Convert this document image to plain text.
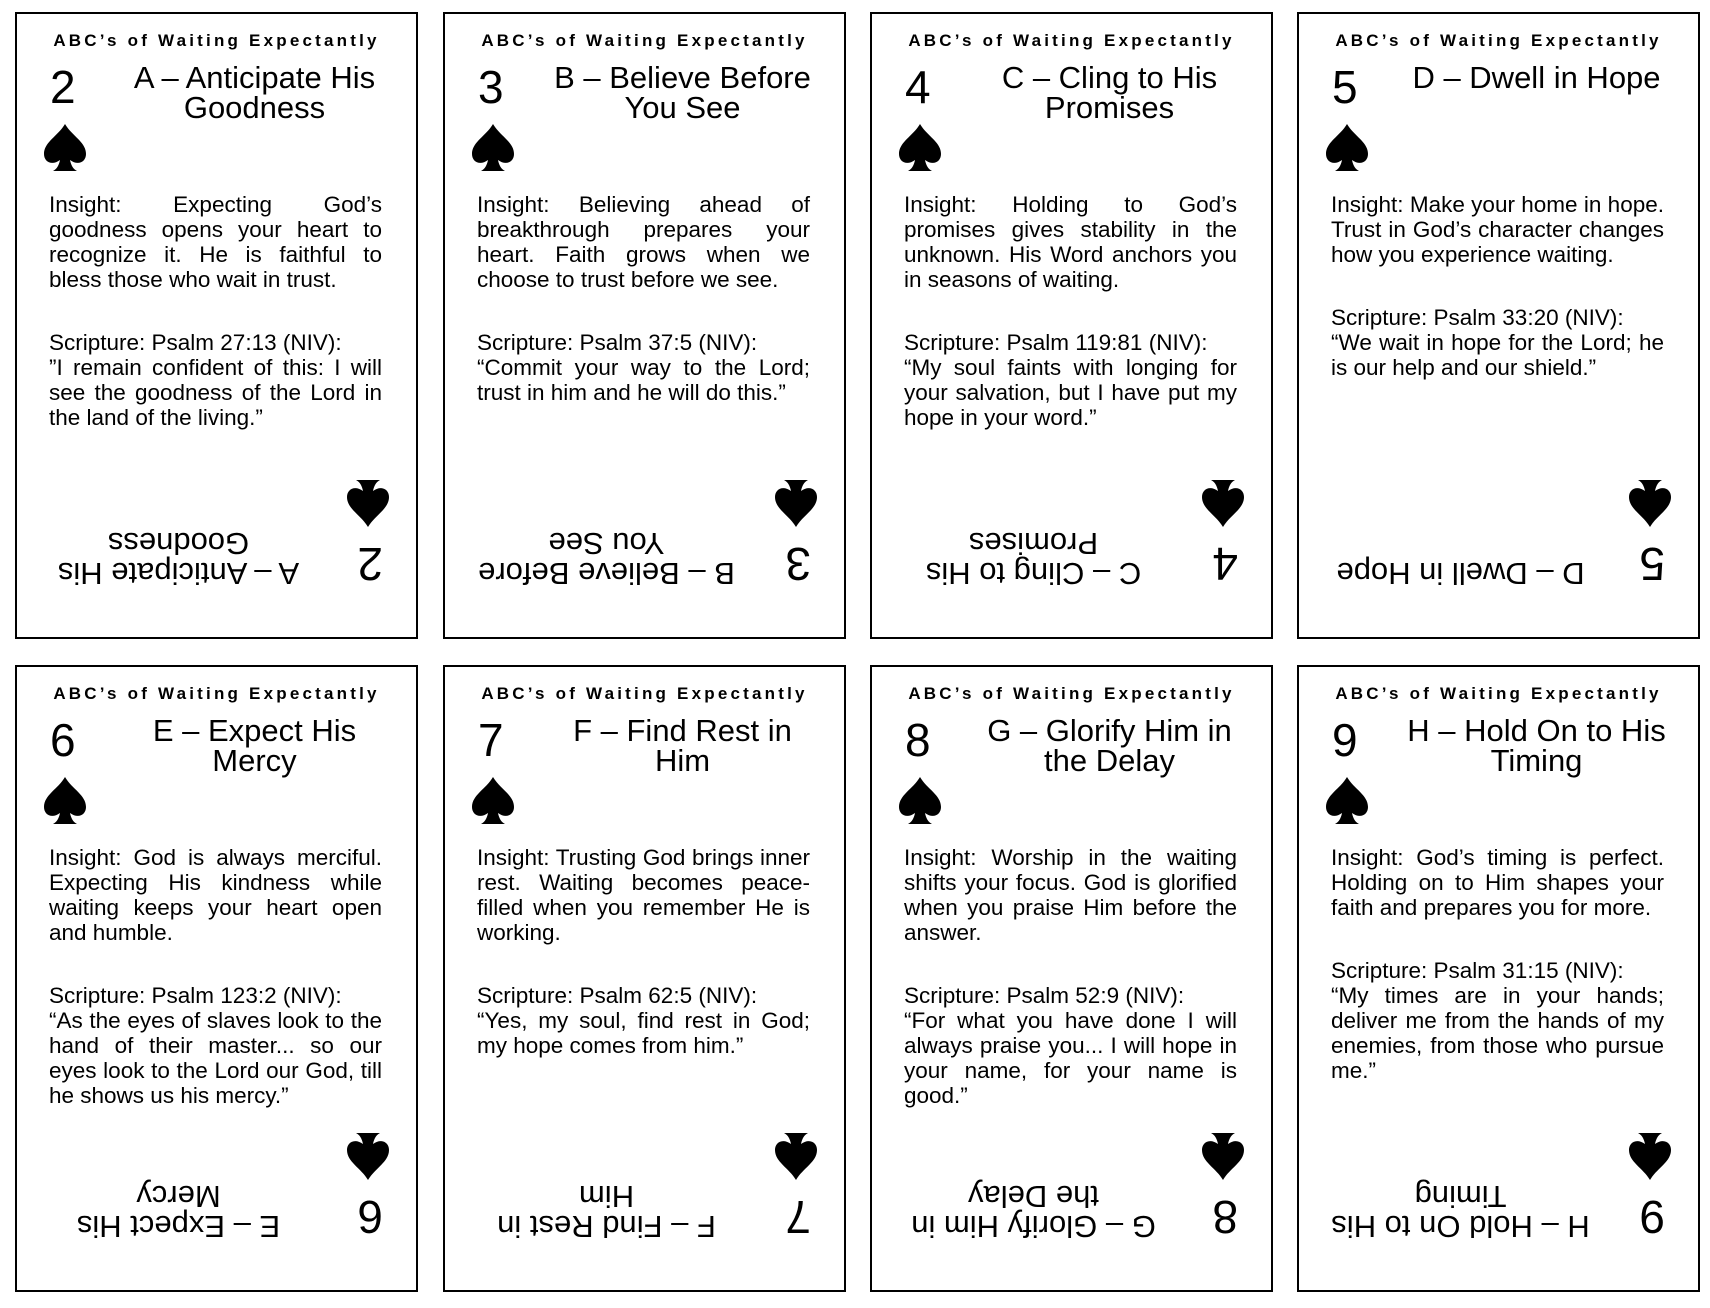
ABC’s of Waiting Expectantly
2	A – Anticipate His Goodness

Insight: Expecting God’s goodness opens your heart to recognize it. He is faithful to bless those who wait in trust.

Scripture: Psalm 27:13 (NIV):
”I remain confident of this: I will see the goodness of the Lord in the land of the living.”

2
A – Anticipate His Goodness
ABC’s of Waiting Expectantly
3 B – Believe Before You See

Insight: Believing ahead of breakthrough prepares your heart. Faith grows when we choose to trust before we see.

Scripture: Psalm 37:5 (NIV):
“Commit your way to the Lord; trust in him and he will do this.”

3
B – Believe Before You See
ABC’s of Waiting Expectantly
4	C – Cling to His Promises

Insight: Holding to God’s promises gives stability in the unknown. His Word anchors you in seasons of waiting.

Scripture: Psalm 119:81 (NIV):
“My soul faints with longing for your salvation, but I have put my hope in your word.”

4
C – Cling to His Promises
ABC’s of Waiting Expectantly
5	D – Dwell in Hope

Insight: Make your home in hope. Trust in God’s character changes how you experience waiting.

Scripture: Psalm 33:20 (NIV):
“We wait in hope for the Lord; he is our help and our shield.”

5
D – Dwell in Hope
ABC’s of Waiting Expectantly
6	E – Expect His Mercy

Insight: God is always merciful. Expecting His kindness while waiting keeps your heart open and humble.

Scripture: Psalm 123:2 (NIV):
“As the eyes of slaves look to the hand of their master... so our eyes look to the Lord our God, till he shows us his mercy.”

6
E – Expect His Mercy
ABC’s of Waiting Expectantly
7	F – Find Rest in Him

Insight: Trusting God brings inner rest. Waiting becomes peace-filled when you remember He is working.

Scripture: Psalm 62:5 (NIV):
“Yes, my soul, find rest in God; my hope comes from him.”

7
F – Find Rest in Him
ABC’s of Waiting Expectantly
8	G – Glorify Him in the Delay

Insight: Worship in the waiting shifts your focus. God is glorified when you praise Him before the answer.

Scripture: Psalm 52:9 (NIV):
“For what you have done I will always praise you... I will hope in your name, for your name is good.”

8
G – Glorify Him in the Delay
ABC’s of Waiting Expectantly
9 H – Hold On to His Timing

Insight: God’s timing is perfect. Holding on to Him shapes your faith and prepares you for more.

Scripture: Psalm 31:15 (NIV):
“My times are in your hands; deliver me from the hands of my enemies, from those who pursue me.”

9
H – Hold On to His Timing
